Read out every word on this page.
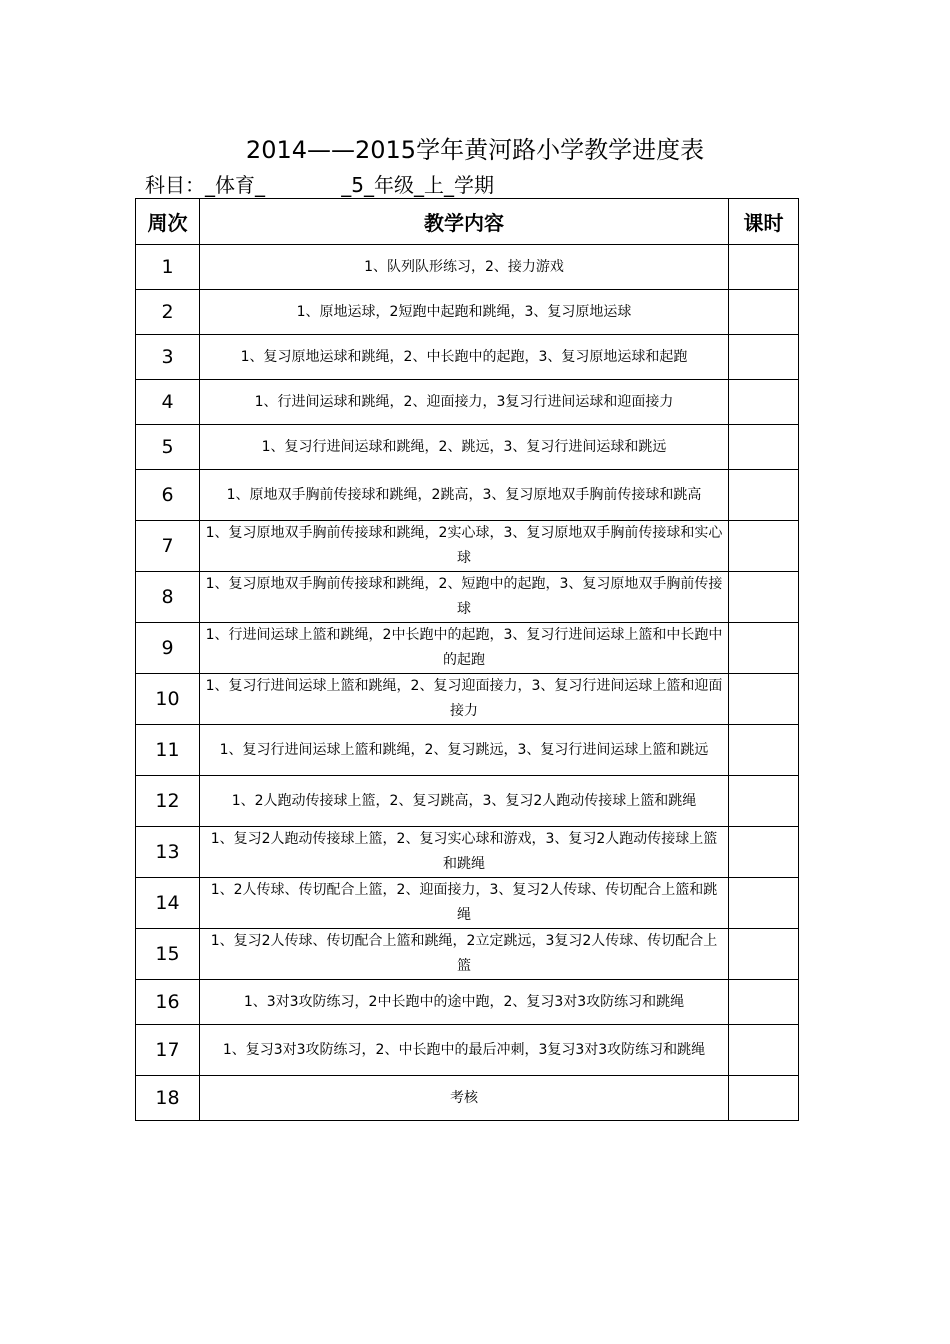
2014——2015学年黄河路小学教学进度表
科目：_体育_            _5_年级_上_学期
周次	教学内容	课时
1	1、队列队形练习，2、接力游戏	
2	1、原地运球，2短跑中起跑和跳绳，3、复习原地运球	
3	1、复习原地运球和跳绳，2、中长跑中的起跑，3、复习原地运球和起跑	
4	1、行进间运球和跳绳，2、迎面接力，3复习行进间运球和迎面接力	
5	1、复习行进间运球和跳绳，2、跳远，3、复习行进间运球和跳远	
6	1、原地双手胸前传接球和跳绳，2跳高，3、复习原地双手胸前传接球和跳高	
7	1、复习原地双手胸前传接球和跳绳，2实心球，3、复习原地双手胸前传接球和实心球	
8	1、复习原地双手胸前传接球和跳绳，2、短跑中的起跑，3、复习原地双手胸前传接球	
9	1、行进间运球上篮和跳绳，2中长跑中的起跑，3、复习行进间运球上篮和中长跑中的起跑	
10	1、复习行进间运球上篮和跳绳，2、复习迎面接力，3、复习行进间运球上篮和迎面接力	
11	1、复习行进间运球上篮和跳绳，2、复习跳远，3、复习行进间运球上篮和跳远	
12	1、2人跑动传接球上篮，2、复习跳高，3、复习2人跑动传接球上篮和跳绳	
13	1、复习2人跑动传接球上篮，2、复习实心球和游戏，3、复习2人跑动传接球上篮和跳绳	
14	1、2人传球、传切配合上篮，2、迎面接力，3、复习2人传球、传切配合上篮和跳绳	
15	1、复习2人传球、传切配合上篮和跳绳，2立定跳远，3复习2人传球、传切配合上篮	
16	1、3对3攻防练习，2中长跑中的途中跑，2、复习3对3攻防练习和跳绳	
17	1、复习3对3攻防练习，2、中长跑中的最后冲刺，3复习3对3攻防练习和跳绳	
18	考核	
